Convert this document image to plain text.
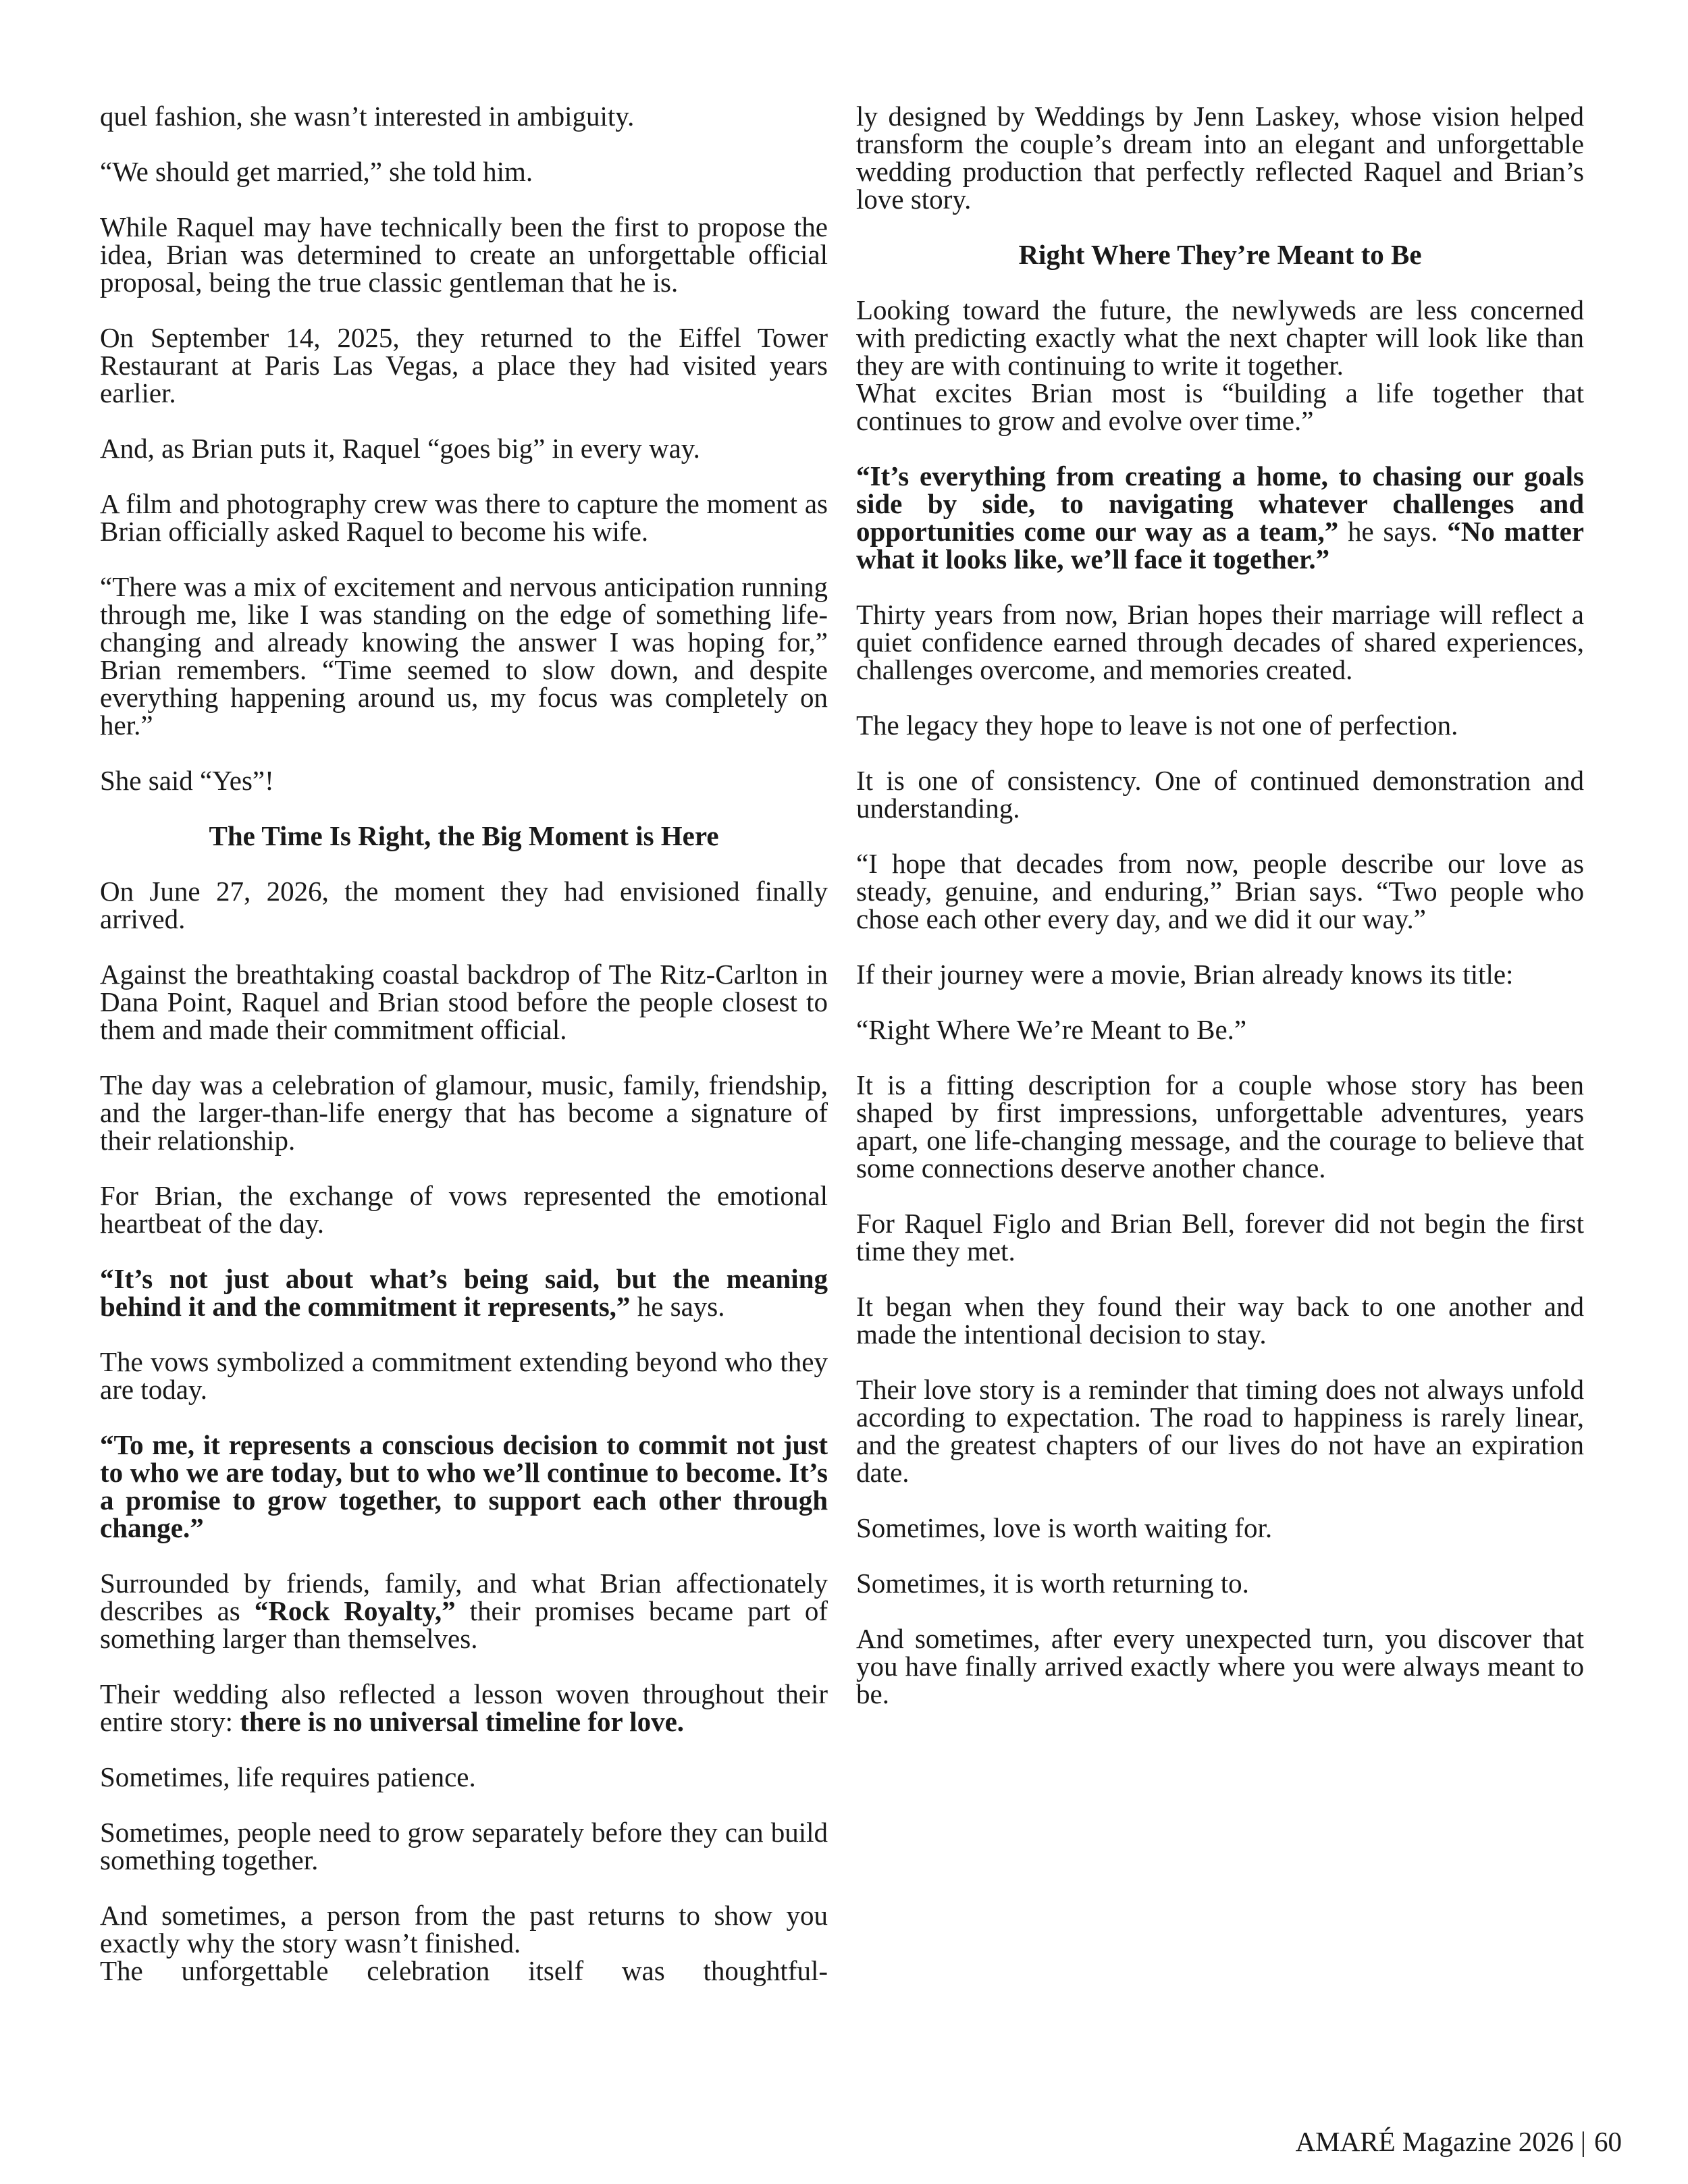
quel fashion, she wasn’t interested in ambiguity.

“We should get married,” she told him.

While Raquel may have technically been the first to propose the idea, Brian was determined to create an unforgettable official proposal, being the true classic gentleman that he is.

On September 14, 2025, they returned to the Eiffel Tower Restaurant at Paris Las Vegas, a place they had visited years earlier.

And, as Brian puts it, Raquel “goes big” in every way.

A film and photography crew was there to capture the moment as Brian officially asked Raquel to become his wife.

“There was a mix of excitement and nervous anticipation running through me, like I was standing on the edge of something life-changing and already knowing the answer I was hoping for,” Brian remembers. “Time seemed to slow down, and despite everything happening around us, my focus was completely on her.”

She said “Yes”!

The Time Is Right, the Big Moment is Here

On June 27, 2026, the moment they had envisioned finally arrived.

Against the breathtaking coastal backdrop of The Ritz-Carlton in Dana Point, Raquel and Brian stood before the people closest to them and made their commitment official.

The day was a celebration of glamour, music, family, friendship, and the larger-than-life energy that has become a signature of their relationship.

For Brian, the exchange of vows represented the emotional heartbeat of the day.

“It’s not just about what’s being said, but the meaning behind it and the commitment it represents,” he says.

The vows symbolized a commitment extending beyond who they are today.

“To me, it represents a conscious decision to commit not just to who we are today, but to who we’ll continue to become. It’s a promise to grow together, to support each other through change.”

Surrounded by friends, family, and what Brian affectionately describes as “Rock Royalty,” their promises became part of something larger than themselves.

Their wedding also reflected a lesson woven throughout their entire story: there is no universal timeline for love.

Sometimes, life requires patience.

Sometimes, people need to grow separately before they can build something together.

And sometimes, a person from the past returns to show you exactly why the story wasn’t finished.

The unforgettable celebration itself was thoughtful-

ly designed by Weddings by Jenn Laskey, whose vision helped transform the couple’s dream into an elegant and unforgettable wedding production that perfectly reflected Raquel and Brian’s love story.

Right Where They’re Meant to Be

Looking toward the future, the newlyweds are less concerned with predicting exactly what the next chapter will look like than they are with continuing to write it together.

What excites Brian most is “building a life together that continues to grow and evolve over time.”

“It’s everything from creating a home, to chasing our goals side by side, to navigating whatever challenges and opportunities come our way as a team,” he says. “No matter what it looks like, we’ll face it together.”

Thirty years from now, Brian hopes their marriage will reflect a quiet confidence earned through decades of shared experiences, challenges overcome, and memories created.

The legacy they hope to leave is not one of perfection.

It is one of consistency. One of continued demonstration and understanding.

“I hope that decades from now, people describe our love as steady, genuine, and enduring,” Brian says. “Two people who chose each other every day, and we did it our way.”

If their journey were a movie, Brian already knows its title:

“Right Where We’re Meant to Be.”

It is a fitting description for a couple whose story has been shaped by first impressions, unforgettable adventures, years apart, one life-changing message, and the courage to believe that some connections deserve another chance.

For Raquel Figlo and Brian Bell, forever did not begin the first time they met.

It began when they found their way back to one another and made the intentional decision to stay.

Their love story is a reminder that timing does not always unfold according to expectation. The road to happiness is rarely linear, and the greatest chapters of our lives do not have an expiration date.

Sometimes, love is worth waiting for.

Sometimes, it is worth returning to.

And sometimes, after every unexpected turn, you discover that you have finally arrived exactly where you were always meant to be.

AMARÉ Magazine 2026 | 60
